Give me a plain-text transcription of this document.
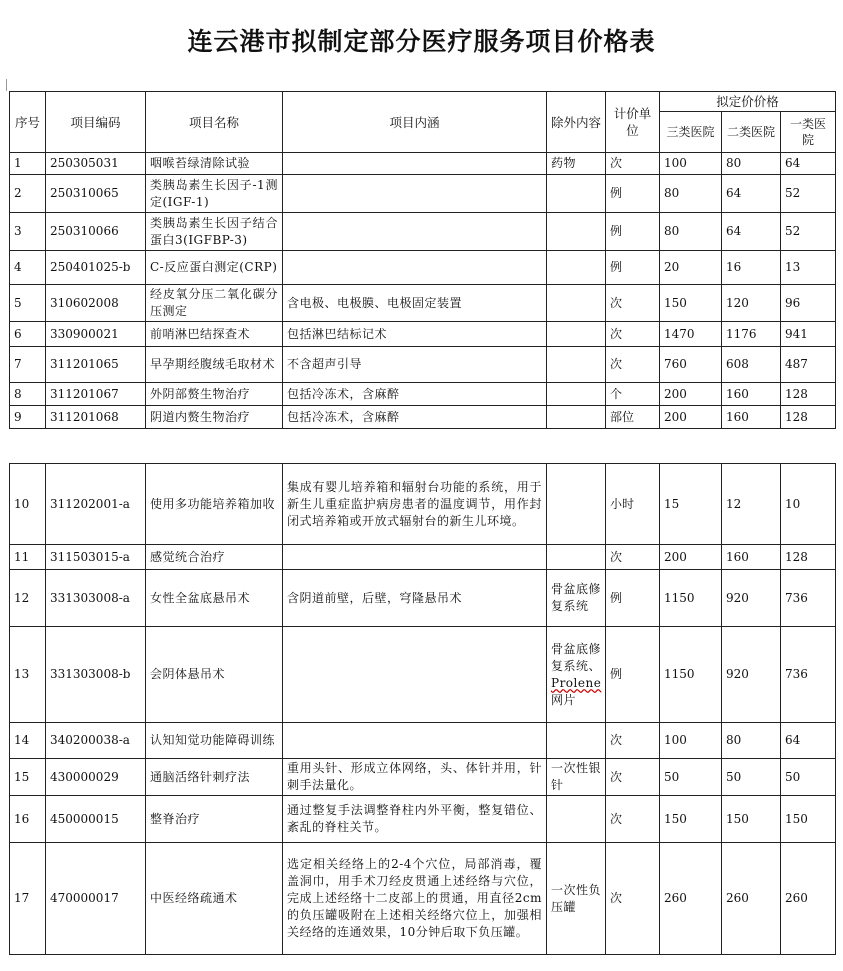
连云港市拟制定部分医疗服务项目价格表
序号	项目编码	项目名称	项目内涵	除外内容	计价单位	拟定价价格		
						三类医院	二类医院	一类医院
1	250305031	咽喉苔绿清除试验		药物	次	100	80	64
2	250310065	类胰岛素生长因子-1测定(IGF-1)			例	80	64	52
3	250310066	类胰岛素生长因子结合蛋白3(IGFBP-3)			例	80	64	52
4	250401025-b	C-反应蛋白测定(CRP)			例	20	16	13
5	310602008	经皮氧分压二氧化碳分压测定	含电极、电极膜、电极固定装置		次	150	120	96
6	330900021	前哨淋巴结探查术	包括淋巴结标记术		次	1470	1176	941
7	311201065	早孕期经腹绒毛取材术	不含超声引导		次	760	608	487
8	311201067	外阴部赘生物治疗	包括冷冻术，含麻醉		个	200	160	128
9	311201068	阴道内赘生物治疗	包括冷冻术，含麻醉		部位	200	160	128
10	311202001-a	使用多功能培养箱加收	集成有婴儿培养箱和辐射台功能的系统，用于新生儿重症监护病房患者的温度调节，用作封闭式培养箱或开放式辐射台的新生儿环境。		小时	15	12	10
11	311503015-a	感觉统合治疗			次	200	160	128
12	331303008-a	女性全盆底悬吊术	含阴道前壁，后壁，穹隆悬吊术	骨盆底修复系统	例	1150	920	736
13	331303008-b	会阴体悬吊术		骨盆底修复系统、
Prolene
网片	例	1150	920	736
14	340200038-a	认知知觉功能障碍训练			次	100	80	64
15	430000029	通脑活络针刺疗法	重用头针、形成立体网络，头、体针并用，针刺手法量化。	一次性银针	次	50	50	50
16	450000015	整脊治疗	通过整复手法调整脊柱内外平衡，整复错位、紊乱的脊柱关节。		次	150	150	150
17	470000017	中医经络疏通术	选定相关经络上的2-4个穴位，局部消毒，覆盖洞巾，用手术刀经皮贯通上述经络与穴位，完成上述经络十二皮部上的贯通，用直径2cm的负压罐吸附在上述相关经络穴位上，加强相关经络的连通效果，10分钟后取下负压罐。	一次性负压罐	次	260	260	260
